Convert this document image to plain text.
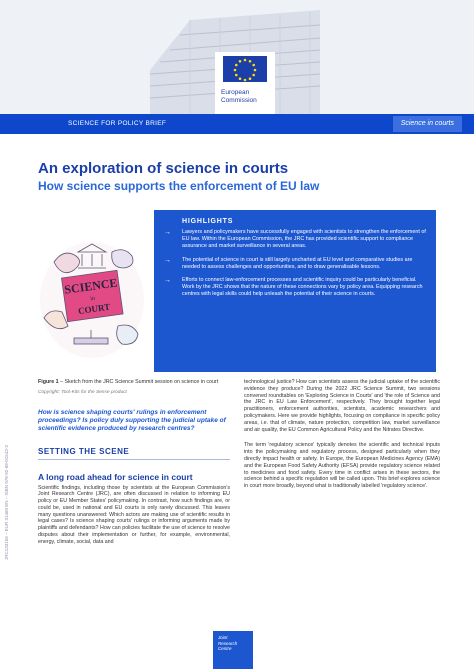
European
Commission
SCIENCE FOR POLICY BRIEF	Science in courts
An exploration of science in courts
How science supports the enforcement of EU law
SCIENCE
in
COURT
HIGHLIGHTS
→	Lawyers and policymakers have successfully engaged with scientists to strengthen the enforcement of EU law. Within the European Commission, the JRC has provided scientific support to compliance assurance and market surveillance in several areas.
→	The potential of science in court is still largely uncharted at EU level and comparative studies are needed to assess challenges and opportunities, and to draw generalisable lessons.
→	Efforts to connect law-enforcement processes and scientific inquiry could be particularly beneficial. Work by the JRC shows that the nature of these connections vary by policy area. Equipping research centres with legal skills could help unleash the potential of their science in courts.
JRC133156 – EUR 31460 EN – ISBN 978-92-68-01543-3
Figure 1 – Sketch from the JRC Science Summit session on science in court
Copyright: Tool-Kits for the Sense product
How is science shaping courts' rulings in enforcement proceedings? Is policy duly supporting the judicial uptake of scientific evidence produced by research centres?
SETTING THE SCENE
A long road ahead for science in court
Scientific findings, including those by scientists at the European Commission's Joint Research Centre (JRC), are often discussed in relation to informing EU policy or EU Member States' policymaking. In contrast, how such findings are, or could be, used in national and EU courts is only rarely discussed. This leaves many questions unanswered: Which actors are making use of scientific results in legal cases? Is science shaping courts' rulings or informing arguments made by plaintiffs and defendants? How can policies facilitate the use of science to resolve disputes about their implementation or further, for example, environmental, energy, climate, social, data and
technological justice? How can scientists assess the judicial uptake of the scientific evidence they produce? During the 2022 JRC Science Summit, two sessions convened roundtables on 'Exploring Science in Courts' and 'the role of Science and the JRC in EU Law Enforcement', respectively. They brought together legal practitioners, enforcement authorities, scientists, academic researchers and policymakers. Here we provide highlights, focusing on compliance in specific policy areas, i.e. that of climate, nature protection, competition law, market surveillance and air quality, the EU Common Agricultural Policy and the Nitrates Directive.
The term 'regulatory science' typically denotes the scientific and technical inputs into the policymaking and regulatory process, designed particularly when they directly impact health or safety. In Europe, the European Medicines Agency (EMA) and the European Food Safety Authority (EFSA) provide regulatory science related to medicines and food safety. Every time in conflict arises in these sectors, the science behind a specific regulation will be called upon. This brief explores science in court more broadly, beyond what is traditionally labelled 'regulatory science'.
Joint
Research
Centre
